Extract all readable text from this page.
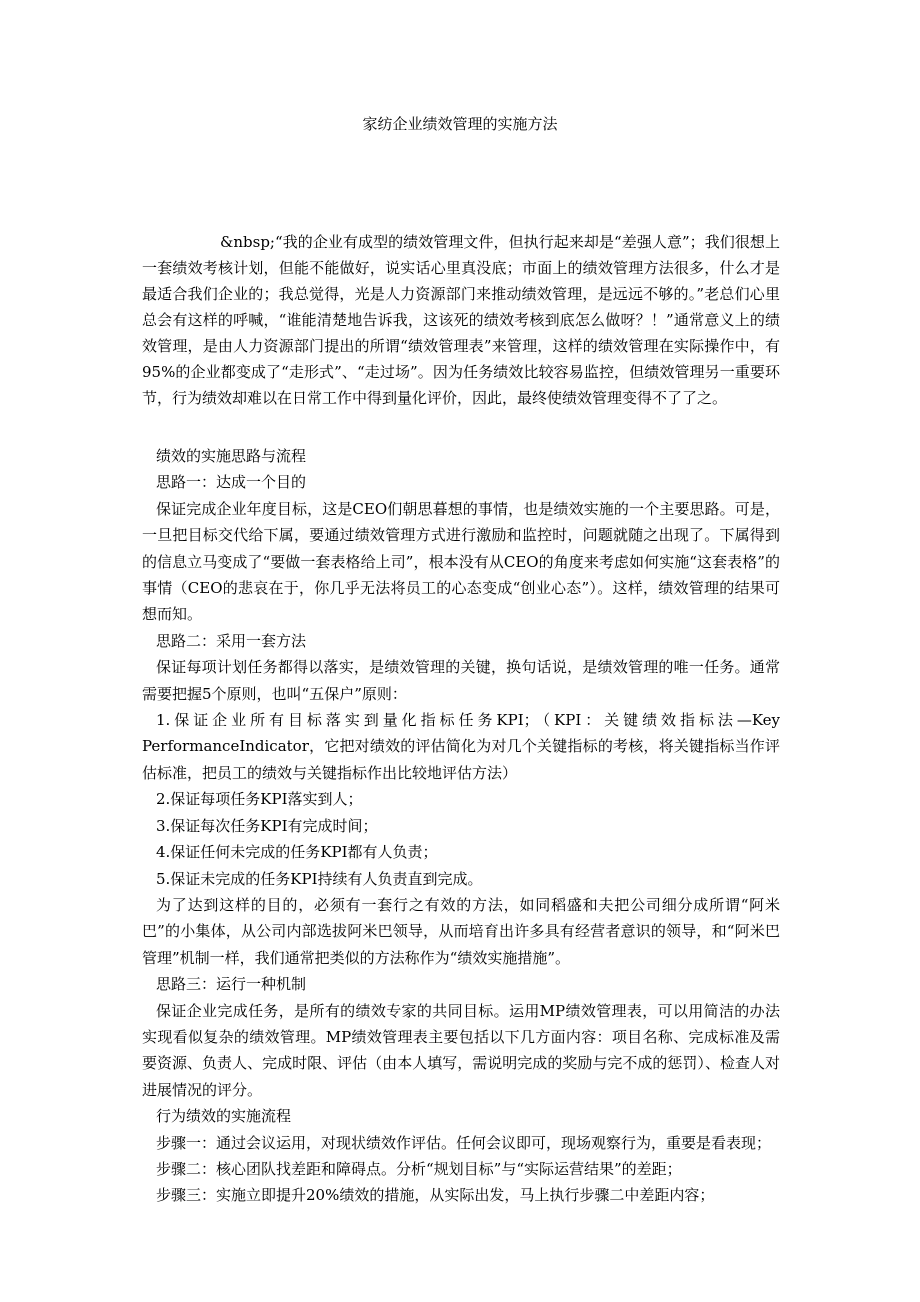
家纺企业绩效管理的实施方法
&nbsp;“我的企业有成型的绩效管理文件，但执行起来却是“差强人意”；我们很想上一套绩效考核计划，但能不能做好，说实话心里真没底；市面上的绩效管理方法很多，什么才是最适合我们企业的；我总觉得，光是人力资源部门来推动绩效管理，是远远不够的。”老总们心里总会有这样的呼喊，“谁能清楚地告诉我，这该死的绩效考核到底怎么做呀？！”通常意义上的绩效管理，是由人力资源部门提出的所谓“绩效管理表”来管理，这样的绩效管理在实际操作中，有95%的企业都变成了“走形式”、“走过场”。因为任务绩效比较容易监控，但绩效管理另一重要环节，行为绩效却难以在日常工作中得到量化评价，因此，最终使绩效管理变得不了了之。

绩效的实施思路与流程

思路一：达成一个目的

保证完成企业年度目标，这是CEO们朝思暮想的事情，也是绩效实施的一个主要思路。可是，一旦把目标交代给下属，要通过绩效管理方式进行激励和监控时，问题就随之出现了。下属得到的信息立马变成了“要做一套表格给上司”，根本没有从CEO的角度来考虑如何实施“这套表格”的事情（CEO的悲哀在于，你几乎无法将员工的心态变成“创业心态”）。这样，绩效管理的结果可想而知。

思路二：采用一套方法

保证每项计划任务都得以落实，是绩效管理的关键，换句话说，是绩效管理的唯一任务。通常需要把握5个原则，也叫“五保户”原则：

1.保证企业所有目标落实到量化指标任务KPI；（KPI：关键绩效指标法—Key PerformanceIndicator，它把对绩效的评估简化为对几个关键指标的考核，将关键指标当作评估标准，把员工的绩效与关键指标作出比较地评估方法）

2.保证每项任务KPI落实到人；

3.保证每次任务KPI有完成时间；

4.保证任何未完成的任务KPI都有人负责；

5.保证未完成的任务KPI持续有人负责直到完成。

为了达到这样的目的，必须有一套行之有效的方法，如同稻盛和夫把公司细分成所谓“阿米巴”的小集体，从公司内部选拔阿米巴领导，从而培育出许多具有经营者意识的领导，和“阿米巴管理”机制一样，我们通常把类似的方法称作为“绩效实施措施”。

思路三：运行一种机制

保证企业完成任务，是所有的绩效专家的共同目标。运用MP绩效管理表，可以用简洁的办法实现看似复杂的绩效管理。MP绩效管理表主要包括以下几方面内容：项目名称、完成标准及需要资源、负责人、完成时限、评估（由本人填写，需说明完成的奖励与完不成的惩罚）、检查人对进展情况的评分。

行为绩效的实施流程

步骤一：通过会议运用，对现状绩效作评估。任何会议即可，现场观察行为，重要是看表现；

步骤二：核心团队找差距和障碍点。分析“规划目标”与“实际运营结果”的差距；

步骤三：实施立即提升20%绩效的措施，从实际出发，马上执行步骤二中差距内容；
